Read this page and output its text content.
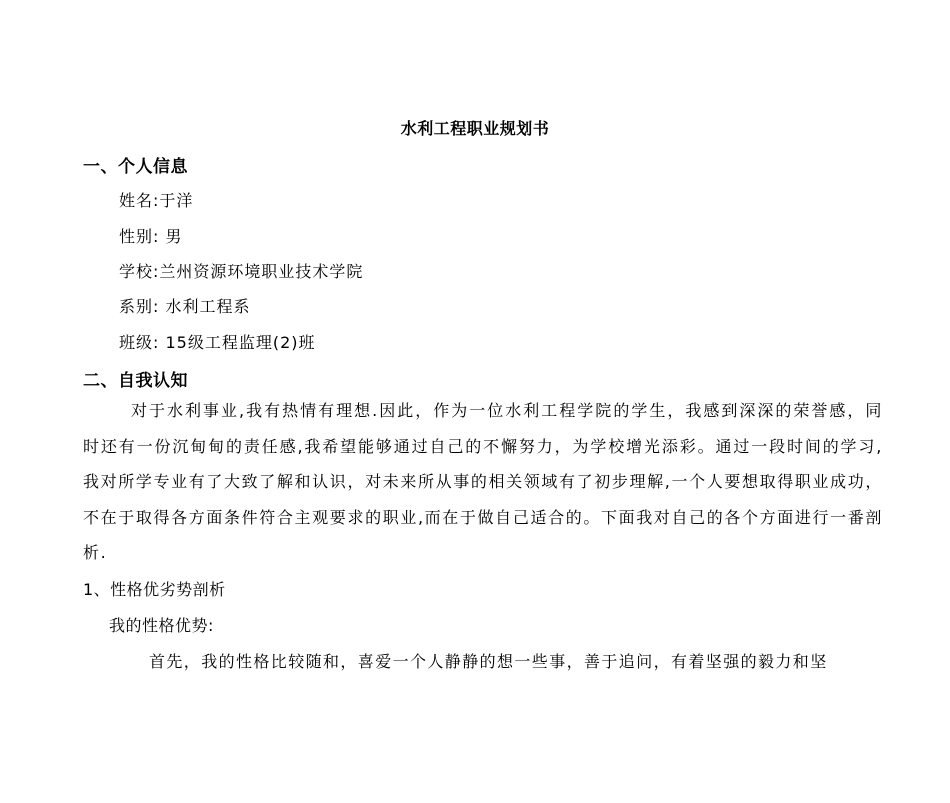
水利工程职业规划书
一、个人信息
姓名:于洋
性别: 男
学校:兰州资源环境职业技术学院
系别: 水利工程系
班级: 15级工程监理(2)班
二、自我认知

对于水利事业,我有热情有理想.因此，作为一位水利工程学院的学生，我感到深深的荣誉感，同时还有一份沉甸甸的责任感,我希望能够通过自己的不懈努力，为学校增光添彩。通过一段时间的学习,我对所学专业有了大致了解和认识，对未来所从事的相关领域有了初步理解,一个人要想取得职业成功，不在于取得各方面条件符合主观要求的职业,而在于做自己适合的。下面我对自己的各个方面进行一番剖析.

1、性格优劣势剖析
我的性格优势:
首先，我的性格比较随和，喜爱一个人静静的想一些事，善于追问，有着坚强的毅力和坚
